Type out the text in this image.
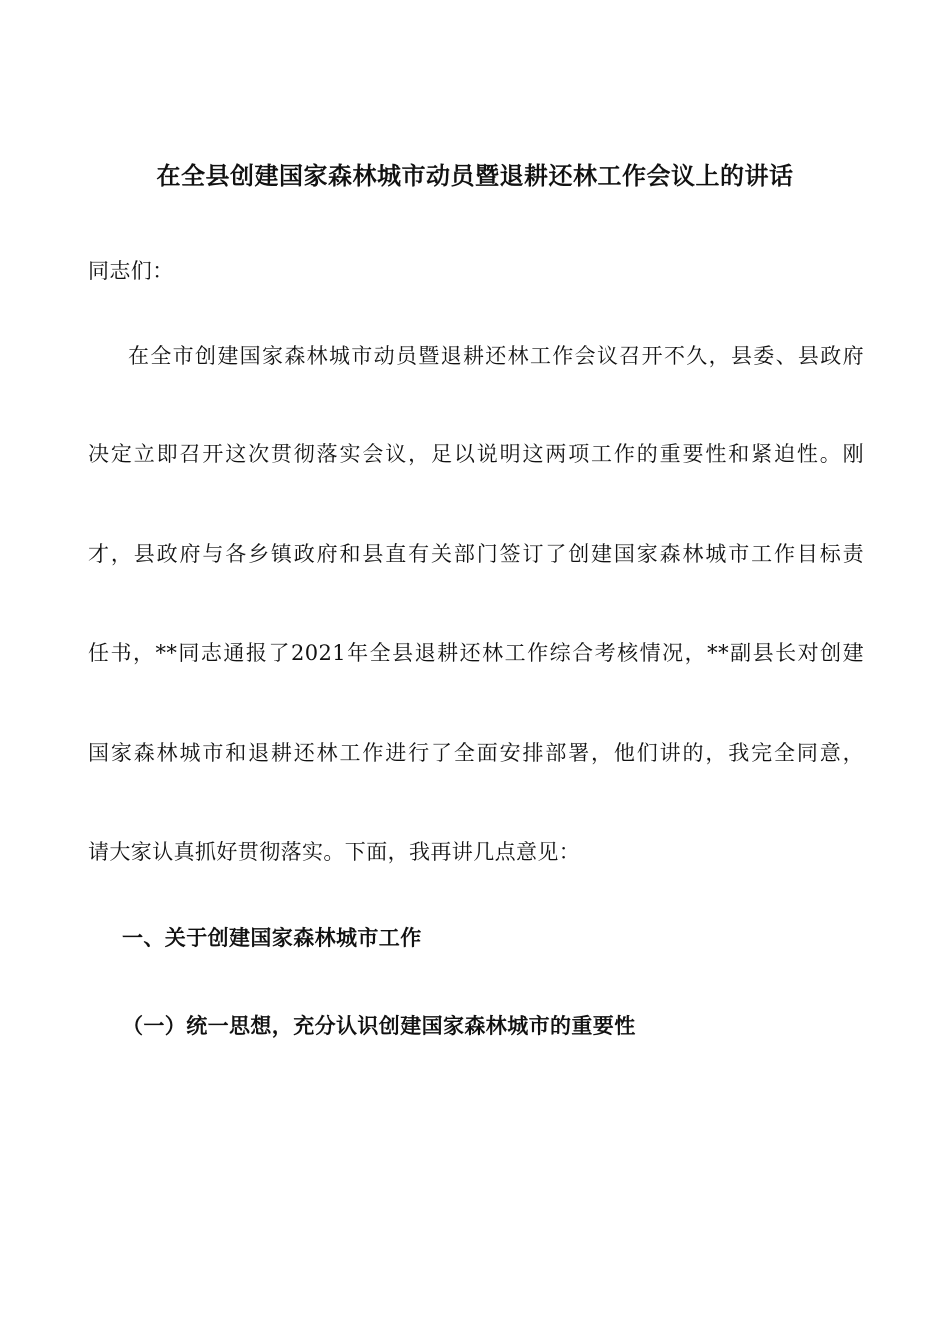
在全县创建国家森林城市动员暨退耕还林工作会议上的讲话
同志们：
在全市创建国家森林城市动员暨退耕还林工作会议召开不久，县委、县政府
决定立即召开这次贯彻落实会议，足以说明这两项工作的重要性和紧迫性。刚
才，县政府与各乡镇政府和县直有关部门签订了创建国家森林城市工作目标责
任书，**同志通报了2021年全县退耕还林工作综合考核情况，**副县长对创建
国家森林城市和退耕还林工作进行了全面安排部署，他们讲的，我完全同意，
请大家认真抓好贯彻落实。下面，我再讲几点意见：
一、关于创建国家森林城市工作
（一）统一思想，充分认识创建国家森林城市的重要性
